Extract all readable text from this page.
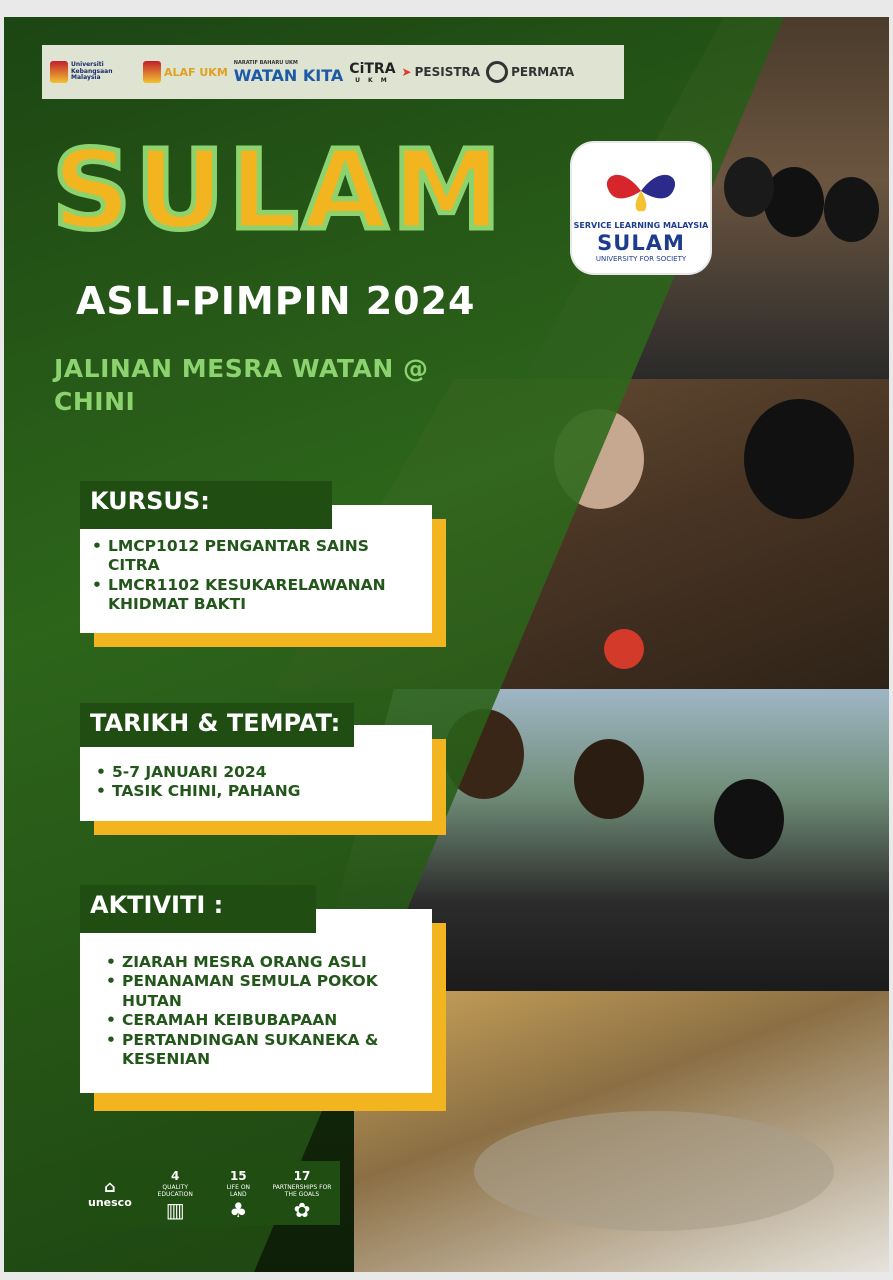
Universiti Kebangsaan Malaysia	ALAF UKM
NARATIF BAHARU UKM
WATAN KITA CiTRA
U K M
➤ PESISTRA	PERMATA
SULAM	SERVICE LEARNING MALAYSIA
SULAM
UNIVERSITY FOR SOCIETY
ASLI-PIMPIN 2024
JALINAN MESRA WATAN @ CHINI
KURSUS:
• LMCP1012 PENGANTAR SAINS CITRA
• LMCR1102 KESUKARELAWANAN KHIDMAT BAKTI
TARIKH & TEMPAT:
• 5-7 JANUARI 2024
• TASIK CHINI, PAHANG
AKTIVITI :
• ZIARAH MESRA ORANG ASLI
• PENANAMAN SEMULA POKOK HUTAN
• CERAMAH KEIBUBAPAAN
• PERTANDINGAN SUKANEKA & KESENIAN
⌂
unesco
4
QUALITY EDUCATION
▥
15
LIFE ON LAND
♣
17
PARTNERSHIPS FOR THE GOALS
✿
